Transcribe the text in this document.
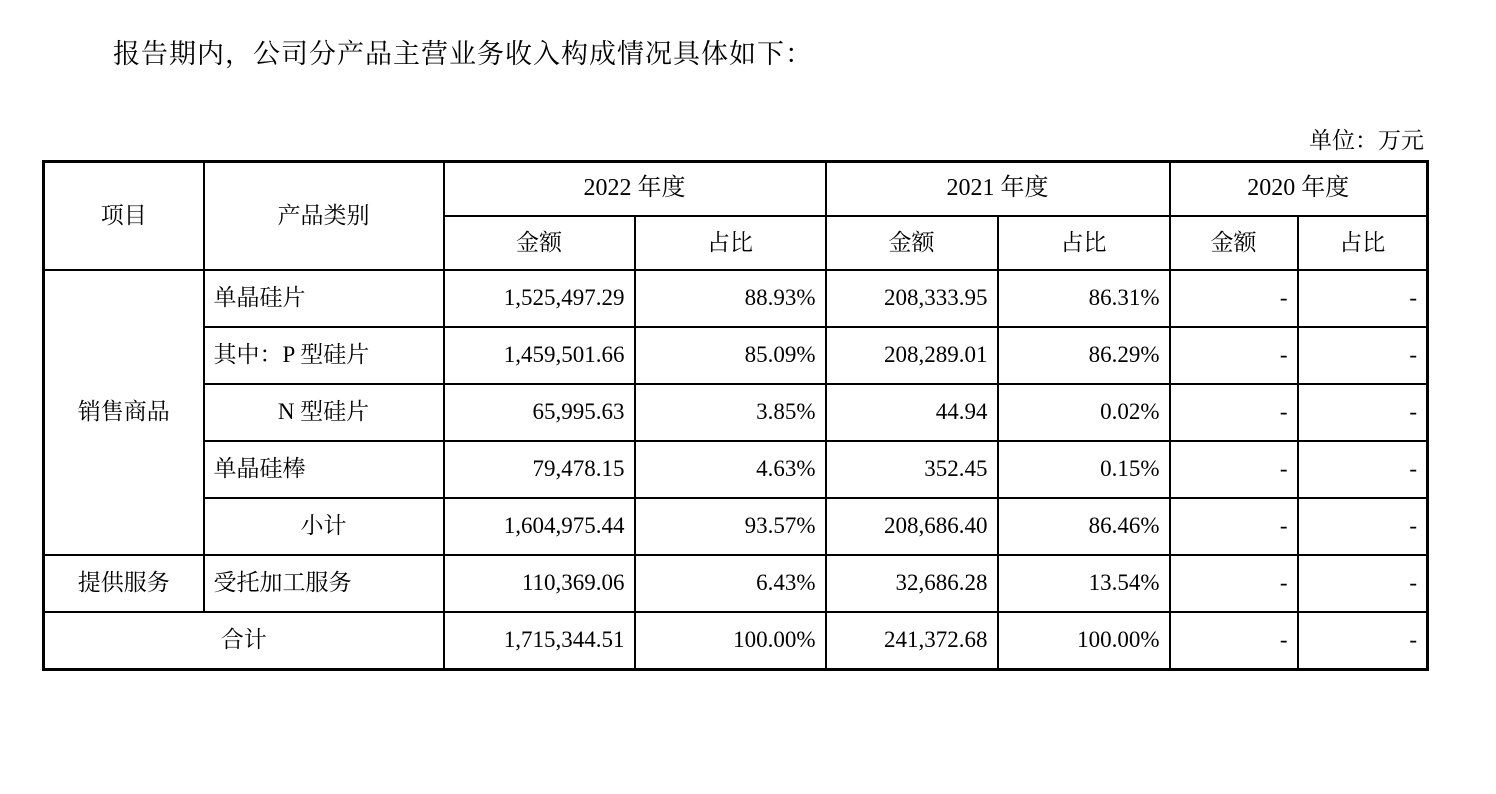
报告期内，公司分产品主营业务收入构成情况具体如下：
单位：万元
项目	产品类别	2022 年度		2021 年度		2020 年度	
		金额	占比	金额	占比	金额	占比
销售商品	单晶硅片	1,525,497.29	88.93%	208,333.95	86.31%	-	-
	其中：P 型硅片	1,459,501.66	85.09%	208,289.01	86.29%	-	-
	N 型硅片	65,995.63	3.85%	44.94	0.02%	-	-
	单晶硅棒	79,478.15	4.63%	352.45	0.15%	-	-
	小计	1,604,975.44	93.57%	208,686.40	86.46%	-	-
提供服务	受托加工服务	110,369.06	6.43%	32,686.28	13.54%	-	-
合计		1,715,344.51	100.00%	241,372.68	100.00%	-	-
